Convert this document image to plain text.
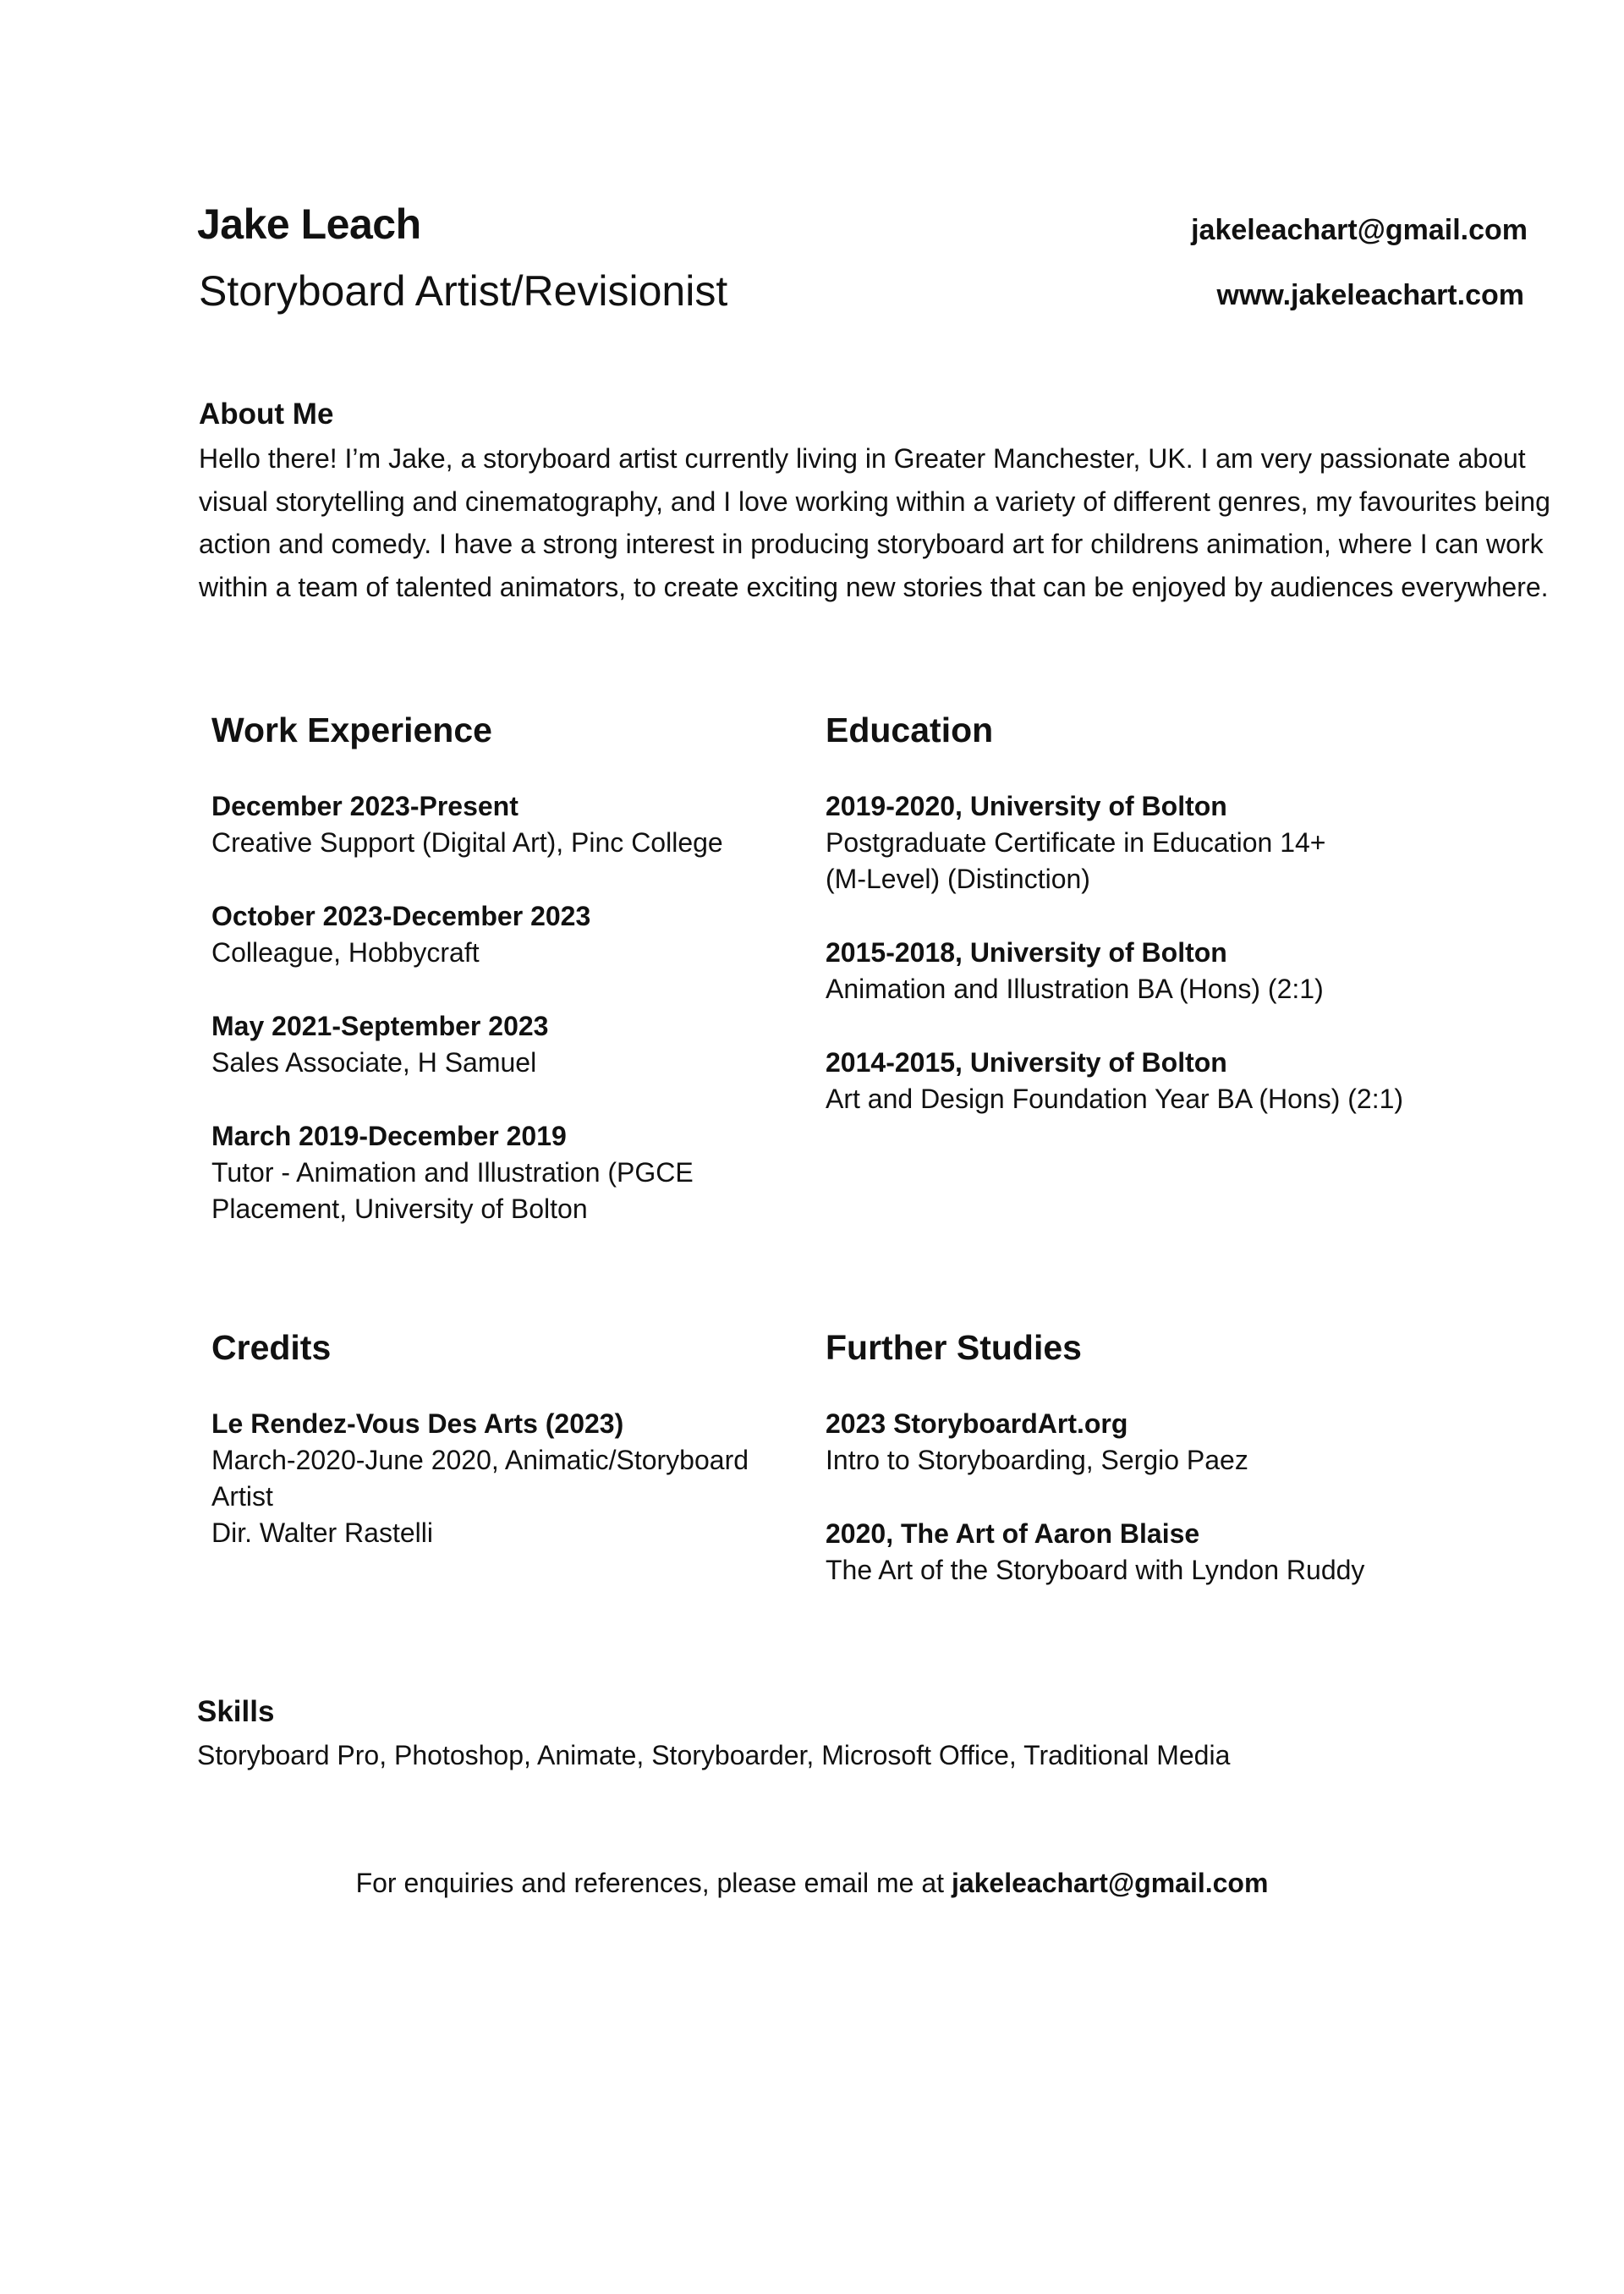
Jake Leach
Storyboard Artist/Revisionist
jakeleachart@gmail.com
www.jakeleachart.com
About Me
Hello there! I’m Jake, a storyboard artist currently living in Greater Manchester, UK. I am very passionate about visual storytelling and cinematography, and I love working within a variety of different genres, my favourites being action and comedy. I have a strong interest in producing storyboard art for childrens animation, where I can work within a team of talented animators, to create exciting new stories that can be enjoyed by audiences everywhere.
Work Experience
December 2023-Present
Creative Support (Digital Art), Pinc College
October 2023-December 2023
Colleague, Hobbycraft
May 2021-September 2023
Sales Associate, H Samuel
March 2019-December 2019
Tutor - Animation and Illustration (PGCE
Placement, University of Bolton
Education
2019-2020, University of Bolton
Postgraduate Certificate in Education 14+
(M-Level) (Distinction)
2015-2018, University of Bolton
Animation and Illustration BA (Hons) (2:1)
2014-2015, University of Bolton
Art and Design Foundation Year BA (Hons) (2:1)
Credits
Le Rendez-Vous Des Arts (2023)
March-2020-June 2020, Animatic/Storyboard
Artist
Dir. Walter Rastelli
Further Studies
2023 StoryboardArt.org
Intro to Storyboarding, Sergio Paez
2020, The Art of Aaron Blaise
The Art of the Storyboard with Lyndon Ruddy
Skills
Storyboard Pro, Photoshop, Animate, Storyboarder, Microsoft Office, Traditional Media
For enquiries and references, please email me at jakeleachart@gmail.com
